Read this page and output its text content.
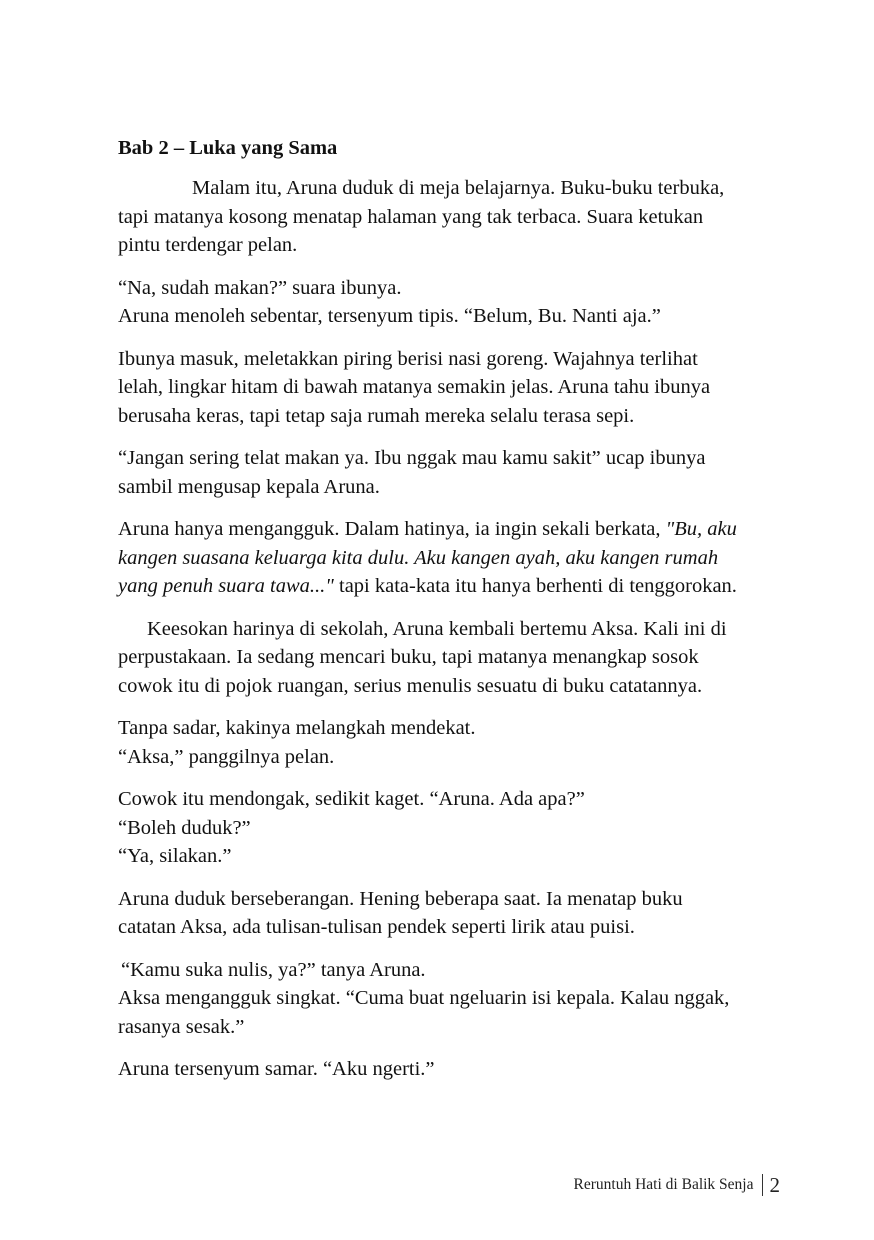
Bab 2 – Luka yang Sama
Malam itu, Aruna duduk di meja belajarnya. Buku-buku terbuka,
tapi matanya kosong menatap halaman yang tak terbaca. Suara ketukan
pintu terdengar pelan.
“Na, sudah makan?” suara ibunya.
Aruna menoleh sebentar, tersenyum tipis. “Belum, Bu. Nanti aja.”
Ibunya masuk, meletakkan piring berisi nasi goreng. Wajahnya terlihat
lelah, lingkar hitam di bawah matanya semakin jelas. Aruna tahu ibunya
berusaha keras, tapi tetap saja rumah mereka selalu terasa sepi.
“Jangan sering telat makan ya. Ibu nggak mau kamu sakit” ucap ibunya
sambil mengusap kepala Aruna.
Aruna hanya mengangguk. Dalam hatinya, ia ingin sekali berkata, "Bu, aku
kangen suasana keluarga kita dulu. Aku kangen ayah, aku kangen rumah
yang penuh suara tawa..." tapi kata-kata itu hanya berhenti di tenggorokan.
Keesokan harinya di sekolah, Aruna kembali bertemu Aksa. Kali ini di
perpustakaan. Ia sedang mencari buku, tapi matanya menangkap sosok
cowok itu di pojok ruangan, serius menulis sesuatu di buku catatannya.
Tanpa sadar, kakinya melangkah mendekat.
“Aksa,” panggilnya pelan.
Cowok itu mendongak, sedikit kaget. “Aruna. Ada apa?”
“Boleh duduk?”
“Ya, silakan.”
Aruna duduk berseberangan. Hening beberapa saat. Ia menatap buku
catatan Aksa, ada tulisan-tulisan pendek seperti lirik atau puisi.
“Kamu suka nulis, ya?” tanya Aruna.
Aksa mengangguk singkat. “Cuma buat ngeluarin isi kepala. Kalau nggak,
rasanya sesak.”
Aruna tersenyum samar. “Aku ngerti.”
Reruntuh Hati di Balik Senja 2
